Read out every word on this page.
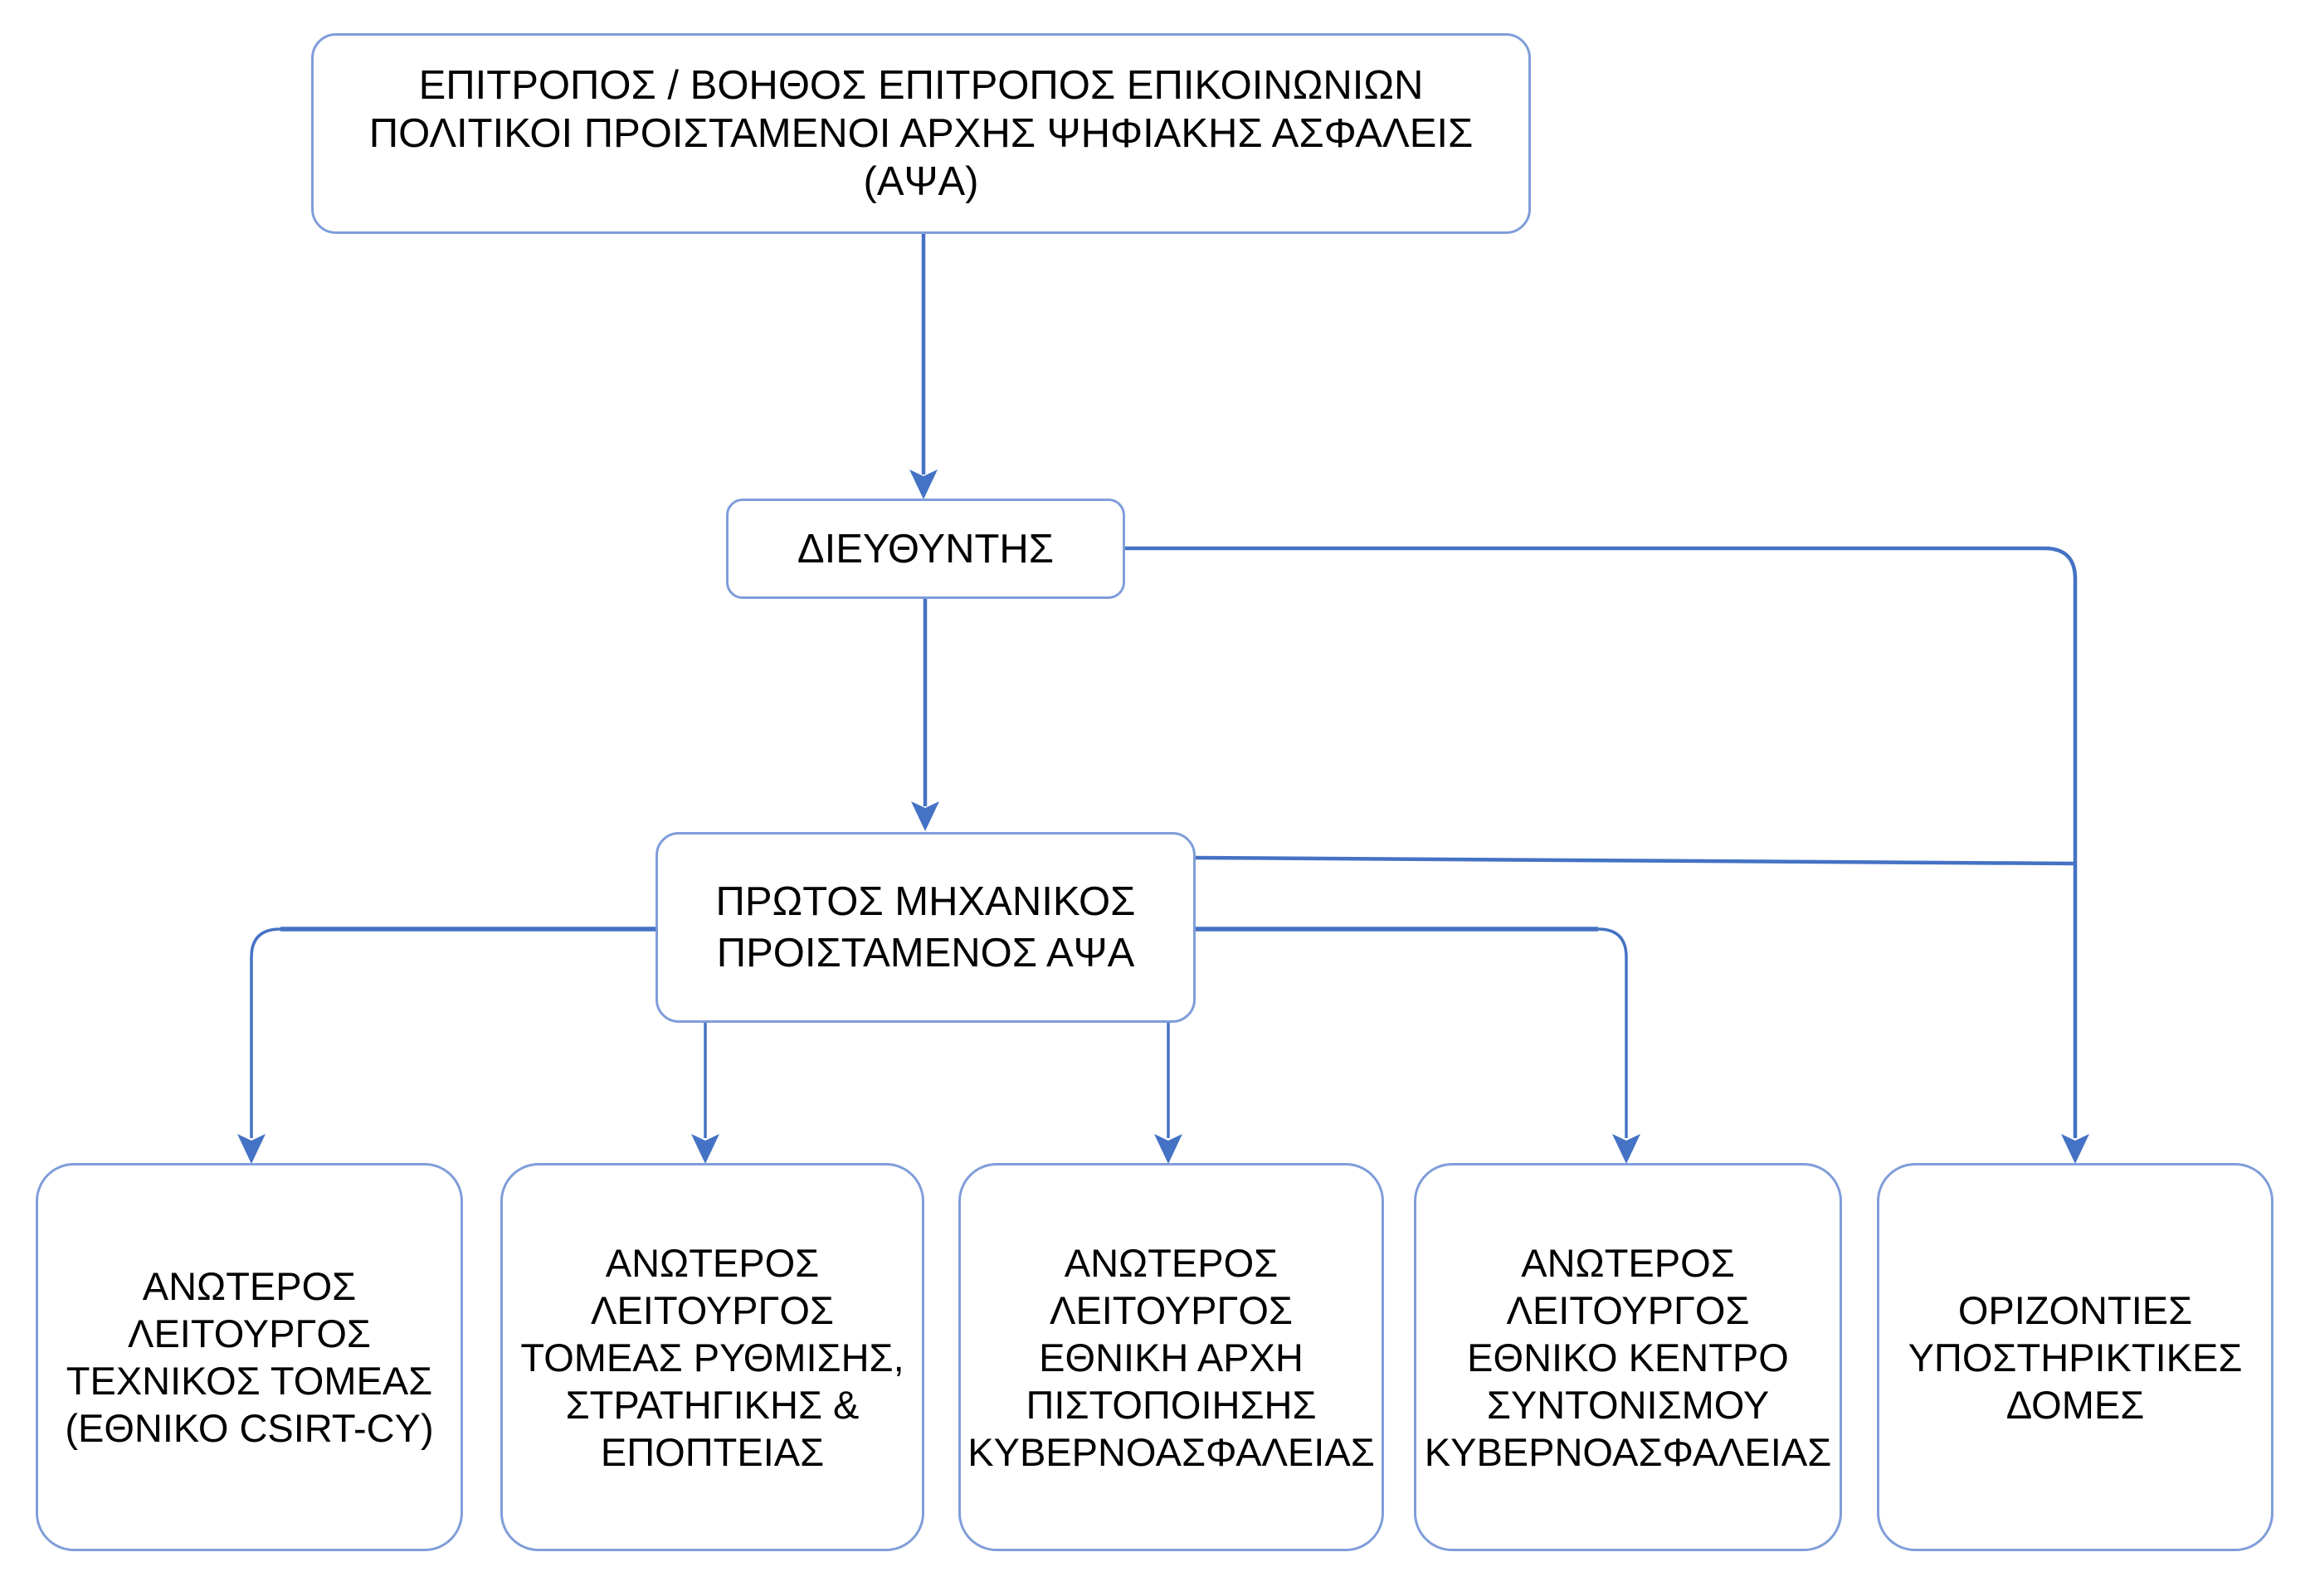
ΕΠΙΤΡΟΠΟΣ / ΒΟΗΘΟΣ ΕΠΙΤΡΟΠΟΣ ΕΠΙΚΟΙΝΩΝΙΩΝ
ΠΟΛΙΤΙΚΟΙ ΠΡΟΙΣΤΑΜΕΝΟΙ ΑΡΧΗΣ ΨΗΦΙΑΚΗΣ ΑΣΦΑΛΕΙΣ (ΑΨΑ)
ΔΙΕΥΘΥΝΤΗΣ
ΠΡΩΤΟΣ ΜΗΧΑΝΙΚΟΣ
ΠΡΟΙΣΤΑΜΕΝΟΣ ΑΨΑ
ΑΝΩΤΕΡΟΣ
ΛΕΙΤΟΥΡΓΟΣ
ΤΕΧΝΙΚΟΣ ΤΟΜΕΑΣ
(ΕΘΝΙΚΟ CSIRT-CY)
ΑΝΩΤΕΡΟΣ
ΛΕΙΤΟΥΡΓΟΣ
ΤΟΜΕΑΣ ΡΥΘΜΙΣΗΣ,
ΣΤΡΑΤΗΓΙΚΗΣ &
ΕΠΟΠΤΕΙΑΣ
ΑΝΩΤΕΡΟΣ
ΛΕΙΤΟΥΡΓΟΣ
ΕΘΝΙΚΗ ΑΡΧΗ
ΠΙΣΤΟΠΟΙΗΣΗΣ
ΚΥΒΕΡΝΟΑΣΦΑΛΕΙΑΣ
ΑΝΩΤΕΡΟΣ
ΛΕΙΤΟΥΡΓΟΣ
ΕΘΝΙΚΟ ΚΕΝΤΡΟ
ΣΥΝΤΟΝΙΣΜΟΥ
ΚΥΒΕΡΝΟΑΣΦΑΛΕΙΑΣ
ΟΡΙΖΟΝΤΙΕΣ
ΥΠΟΣΤΗΡΙΚΤΙΚΕΣ
ΔΟΜΕΣ
